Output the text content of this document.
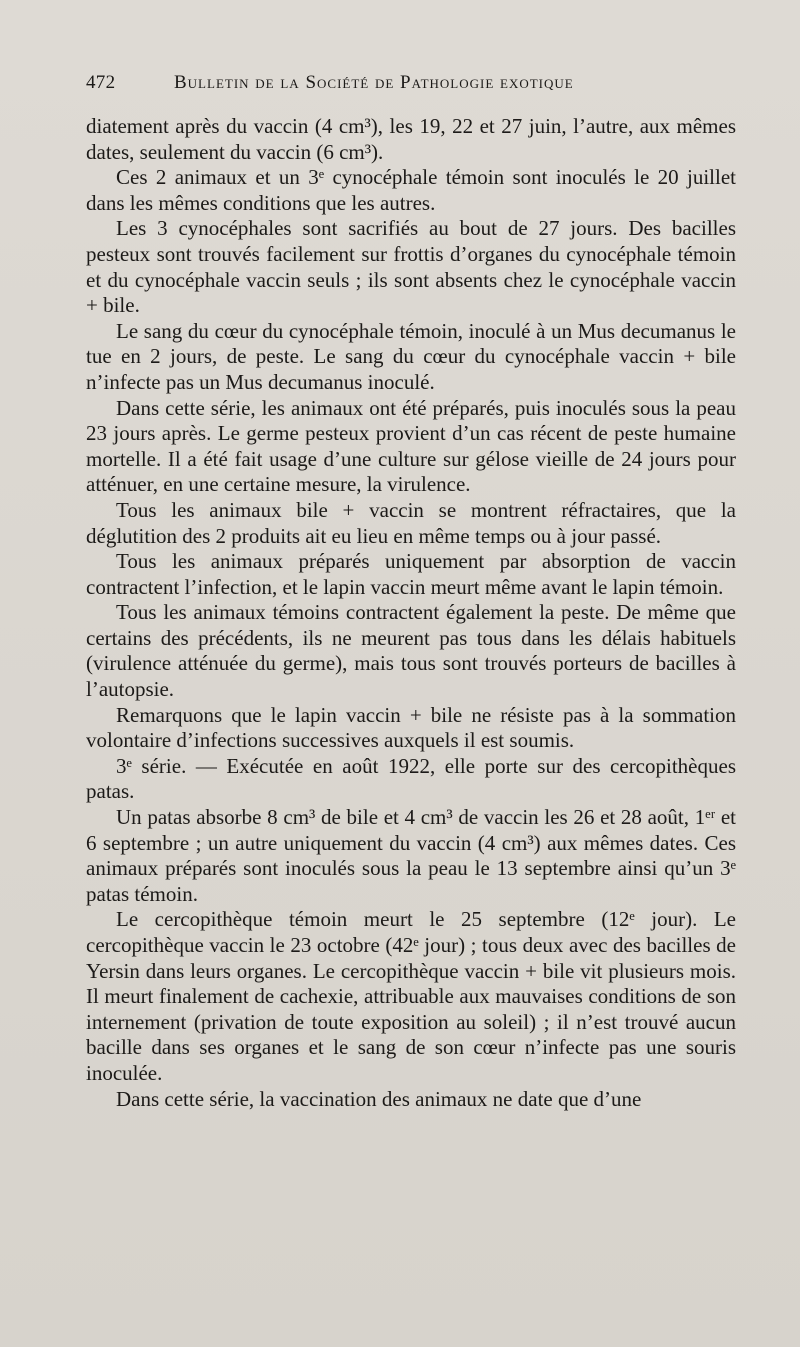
472	Bulletin de la Société de Pathologie exotique

diatement après du vaccin (4 cm³), les 19, 22 et 27 juin, l’autre, aux mêmes dates, seulement du vaccin (6 cm³).

Ces 2 animaux et un 3ᵉ cynocéphale témoin sont inoculés le 20 juillet dans les mêmes conditions que les autres.

Les 3 cynocéphales sont sacrifiés au bout de 27 jours. Des bacilles pesteux sont trouvés facilement sur frottis d’organes du cynocéphale témoin et du cynocéphale vaccin seuls ; ils sont absents chez le cynocéphale vaccin + bile.

Le sang du cœur du cynocéphale témoin, inoculé à un Mus decumanus le tue en 2 jours, de peste. Le sang du cœur du cynocéphale vaccin + bile n’infecte pas un Mus decumanus inoculé.

Dans cette série, les animaux ont été préparés, puis inoculés sous la peau 23 jours après. Le germe pesteux provient d’un cas récent de peste humaine mortelle. Il a été fait usage d’une culture sur gélose vieille de 24 jours pour atténuer, en une certaine mesure, la virulence.

Tous les animaux bile + vaccin se montrent réfractaires, que la déglutition des 2 produits ait eu lieu en même temps ou à jour passé.

Tous les animaux préparés uniquement par absorption de vaccin contractent l’infection, et le lapin vaccin meurt même avant le lapin témoin.

Tous les animaux témoins contractent également la peste. De même que certains des précédents, ils ne meurent pas tous dans les délais habituels (virulence atténuée du germe), mais tous sont trouvés porteurs de bacilles à l’autopsie.

Remarquons que le lapin vaccin + bile ne résiste pas à la sommation volontaire d’infections successives auxquels il est soumis.

3ᵉ série. — Exécutée en août 1922, elle porte sur des cercopithèques patas.

Un patas absorbe 8 cm³ de bile et 4 cm³ de vaccin les 26 et 28 août, 1ᵉʳ et 6 septembre ; un autre uniquement du vaccin (4 cm³) aux mêmes dates. Ces animaux préparés sont inoculés sous la peau le 13 septembre ainsi qu’un 3ᵉ patas témoin.

Le cercopithèque témoin meurt le 25 septembre (12ᵉ jour). Le cercopithèque vaccin le 23 octobre (42ᵉ jour) ; tous deux avec des bacilles de Yersin dans leurs organes. Le cercopithèque vaccin + bile vit plusieurs mois. Il meurt finalement de cachexie, attribuable aux mauvaises conditions de son internement (privation de toute exposition au soleil) ; il n’est trouvé aucun bacille dans ses organes et le sang de son cœur n’infecte pas une souris inoculée.

Dans cette série, la vaccination des animaux ne date que d’une
